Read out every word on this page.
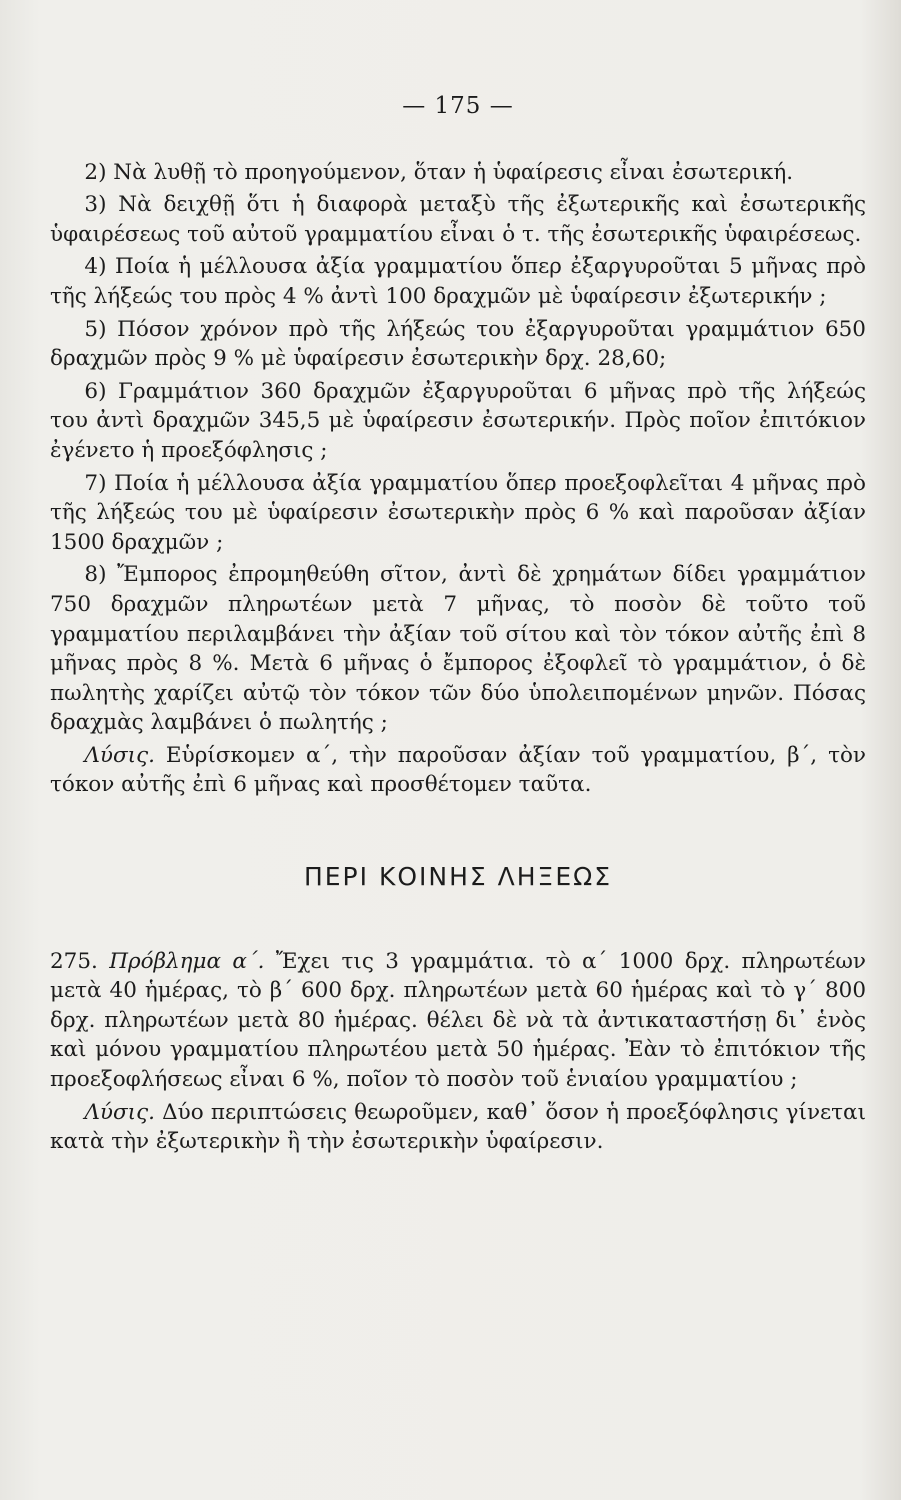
— 175 —

2) Νὰ λυθῇ τὸ προηγούμενον, ὅταν ἡ ὑφαίρεσις εἶναι ἐσωτερική.

3) Νὰ δειχθῇ ὅτι ἡ διαφορὰ μεταξὺ τῆς ἐξωτερικῆς καὶ ἐσωτερικῆς ὑφαιρέσεως τοῦ αὐτοῦ γραμματίου εἶναι ὁ τ. τῆς ἐσωτερικῆς ὑφαιρέσεως.

4) Ποία ἡ μέλλουσα ἀξία γραμματίου ὅπερ ἐξαργυροῦται 5 μῆνας πρὸ τῆς λήξεώς του πρὸς 4 % ἀντὶ 100 δραχμῶν μὲ ὑφαίρεσιν ἐξωτερικήν ;

5) Πόσον χρόνον πρὸ τῆς λήξεώς του ἐξαργυροῦται γραμμάτιον 650 δραχμῶν πρὸς 9 % μὲ ὑφαίρεσιν ἐσωτερικὴν δρχ. 28,60;

6) Γραμμάτιον 360 δραχμῶν ἐξαργυροῦται 6 μῆνας πρὸ τῆς λήξεώς του ἀντὶ δραχμῶν 345,5 μὲ ὑφαίρεσιν ἐσωτερικήν. Πρὸς ποῖον ἐπιτόκιον ἐγένετο ἡ προεξόφλησις ;

7) Ποία ἡ μέλλουσα ἀξία γραμματίου ὅπερ προεξοφλεῖται 4 μῆνας πρὸ τῆς λήξεώς του μὲ ὑφαίρεσιν ἐσωτερικὴν πρὸς 6 % καὶ παροῦσαν ἀξίαν 1500 δραχμῶν ;

8) Ἔμπορος ἐπρομηθεύθη σῖτον, ἀντὶ δὲ χρημάτων δίδει γραμμάτιον 750 δραχμῶν πληρωτέων μετὰ 7 μῆνας, τὸ ποσὸν δὲ τοῦτο τοῦ γραμματίου περιλαμβάνει τὴν ἀξίαν τοῦ σίτου καὶ τὸν τόκον αὐτῆς ἐπὶ 8 μῆνας πρὸς 8 %. Μετὰ 6 μῆνας ὁ ἔμπορος ἐξοφλεῖ τὸ γραμμάτιον, ὁ δὲ πωλητὴς χαρίζει αὐτῷ τὸν τόκον τῶν δύο ὑπολειπομένων μηνῶν. Πόσας δραχμὰς λαμβάνει ὁ πωλητής ;

Λύσις. Εὑρίσκομεν α΄, τὴν παροῦσαν ἀξίαν τοῦ γραμματίου, β΄, τὸν τόκον αὐτῆς ἐπὶ 6 μῆνας καὶ προσθέτομεν ταῦτα.

ΠΕΡΙ ΚΟΙΝΗΣ ΛΗΞΕΩΣ

275. Πρόβλημα α΄. Ἔχει τις 3 γραμμάτια. τὸ α΄ 1000 δρχ. πληρωτέων μετὰ 40 ἡμέρας, τὸ β΄ 600 δρχ. πληρωτέων μετὰ 60 ἡμέρας καὶ τὸ γ΄ 800 δρχ. πληρωτέων μετὰ 80 ἡμέρας. θέλει δὲ νὰ τὰ ἀντικαταστήσῃ δι᾽ ἑνὸς καὶ μόνου γραμματίου πληρωτέου μετὰ 50 ἡμέρας. Ἐὰν τὸ ἐπιτόκιον τῆς προεξοφλήσεως εἶναι 6 %, ποῖον τὸ ποσὸν τοῦ ἑνιαίου γραμματίου ;

Λύσις. Δύο περιπτώσεις θεωροῦμεν, καθ᾽ ὅσον ἡ προεξόφλησις γίνεται κατὰ τὴν ἐξωτερικὴν ἢ τὴν ἐσωτερικὴν ὑφαίρεσιν.
